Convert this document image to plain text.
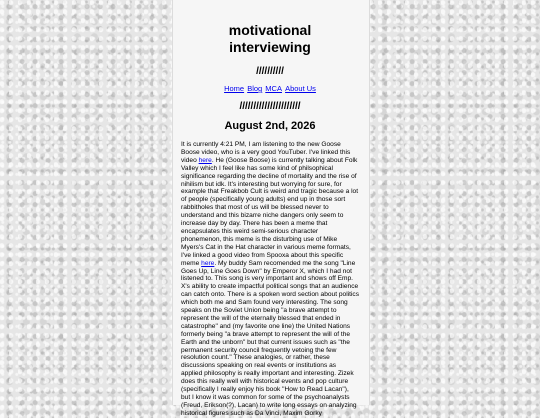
motivational
interviewing

//////////

Home Blog MCA About Us

//////////////////////

August 2nd, 2026

It is currently 4:21 PM, I am listening to the new Goose Boose video, who is a very good YouTuber. I've linked this video here. He (Goose Boose) is currently talking about Folk Valley which I feel like has some kind of philsophical significance regarding the decline of mortality and the rise of nihilism but idk. It's interesting but worrying for sure, for example that Freakbob Cult is weird and tragic because a lot of people (specifically young adults) end up in those sort rabbitholes that most of us will be blessed never to understand and this bizarre niche dangers only seem to increase day by day. There has been a meme that encapsulates this weird semi-serious character phonemenon, this meme is the disturbing use of Mike Myers's Cat in the Hat character in various meme formats, I've linked a good video from Spooxa about this specific meme here. My buddy Sam recomended me the song "Line Goes Up, Line Goes Down" by Emperor X, which I had not listened to. This song is very important and shows off Emp. X's ability to create impactful political songs that an audience can catch onto. There is a spoken word section about politics which both me and Sam found very interesting. The song speaks on the Soviet Union being "a brave attempt to represent the will of the eternally blessed that ended in catastrophe" and (my favorite one line) the United Nations formerly being "a brave attempt to represent the will of the Earth and the unborn" but that current issues such as "the permanent security council frequently vetoing the few resolution count." These analogies, or rather, these discussions speaking on real events or institutions as applied philosophy is really important and interesting. Zizek does this really well with historical events and pop culture (specifically I really enjoy his book "How to Read Lacan"), but I know it was common for some of the psychoanalysts (Freud, Erikson(?), Lacan) to write long essays on analyzing historical figures such as Da Vinci, Maxim Gorky
